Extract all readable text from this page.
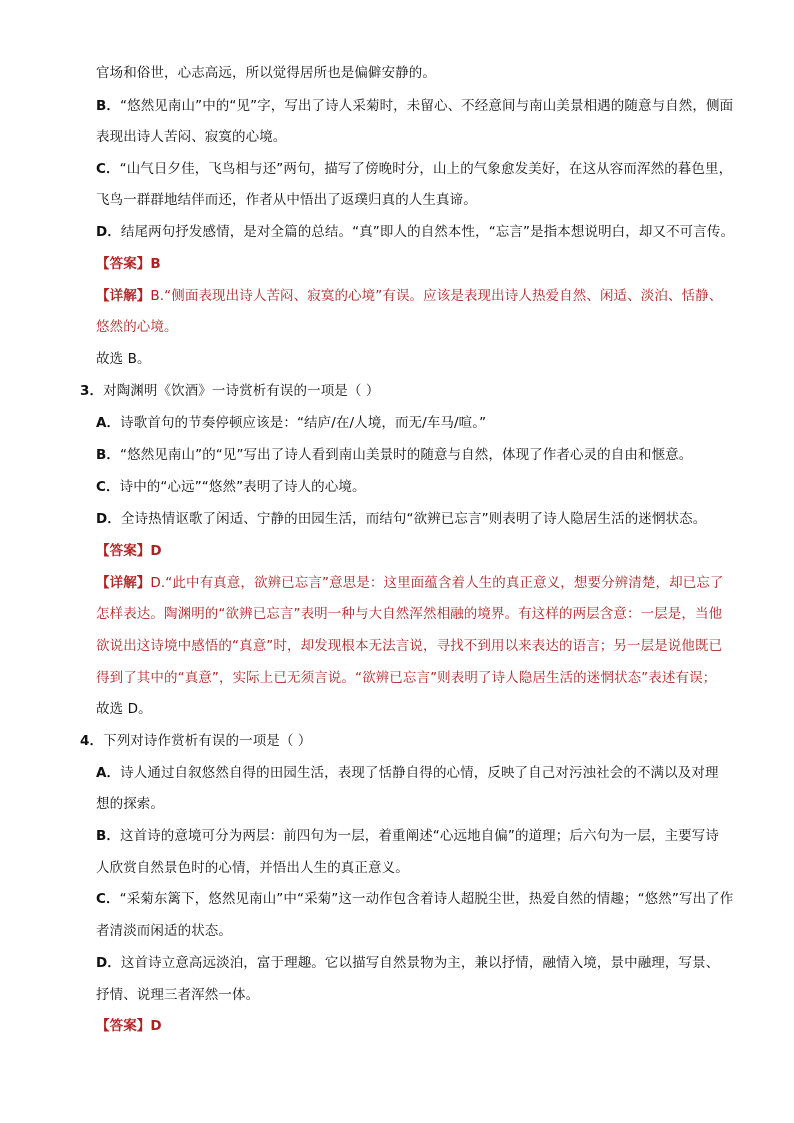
官场和俗世，心志高远，所以觉得居所也是偏僻安静的。
B．“悠然见南山”中的“见”字，写出了诗人采菊时，未留心、不经意间与南山美景相遇的随意与自然，侧面
表现出诗人苦闷、寂寞的心境。
C．“山气日夕佳，飞鸟相与还”两句，描写了傍晚时分，山上的气象愈发美好，在这从容而浑然的暮色里，
飞鸟一群群地结伴而还，作者从中悟出了返璞归真的人生真谛。
D．结尾两句抒发感情，是对全篇的总结。“真”即人的自然本性，“忘言”是指本想说明白，却又不可言传。
【答案】B
【详解】B.“侧面表现出诗人苦闷、寂寞的心境”有误。应该是表现出诗人热爱自然、闲适、淡泊、恬静、
悠然的心境。
故选 B。
3．对陶渊明《饮酒》一诗赏析有误的一项是（ ）
A．诗歌首句的节奏停顿应该是：“结庐/在/人境，而无/车马/喧。”
B．“悠然见南山”的“见”写出了诗人看到南山美景时的随意与自然，体现了作者心灵的自由和惬意。
C．诗中的“心远”“悠然”表明了诗人的心境。
D．全诗热情讴歌了闲适、宁静的田园生活，而结句“欲辨已忘言”则表明了诗人隐居生活的迷惘状态。
【答案】D
【详解】D.“此中有真意，欲辨已忘言”意思是：这里面蕴含着人生的真正意义，想要分辨清楚，却已忘了
怎样表达。陶渊明的“欲辨已忘言”表明一种与大自然浑然相融的境界。有这样的两层含意：一层是，当他
欲说出这诗境中感悟的“真意”时，却发现根本无法言说，寻找不到用以来表达的语言；另一层是说他既已
得到了其中的“真意”，实际上已无须言说。“欲辨已忘言”则表明了诗人隐居生活的迷惘状态”表述有误；
故选 D。
4．下列对诗作赏析有误的一项是（ ）
A．诗人通过自叙悠然自得的田园生活，表现了恬静自得的心情，反映了自己对污浊社会的不满以及对理
想的探索。
B．这首诗的意境可分为两层：前四句为一层，着重阐述“心远地自偏”的道理；后六句为一层，主要写诗
人欣赏自然景色时的心情，并悟出人生的真正意义。
C．“采菊东篱下，悠然见南山”中“采菊”这一动作包含着诗人超脱尘世，热爱自然的情趣；“悠然”写出了作
者清淡而闲适的状态。
D．这首诗立意高远淡泊，富于理趣。它以描写自然景物为主，兼以抒情，融情入境，景中融理，写景、
抒情、说理三者浑然一体。
【答案】D
